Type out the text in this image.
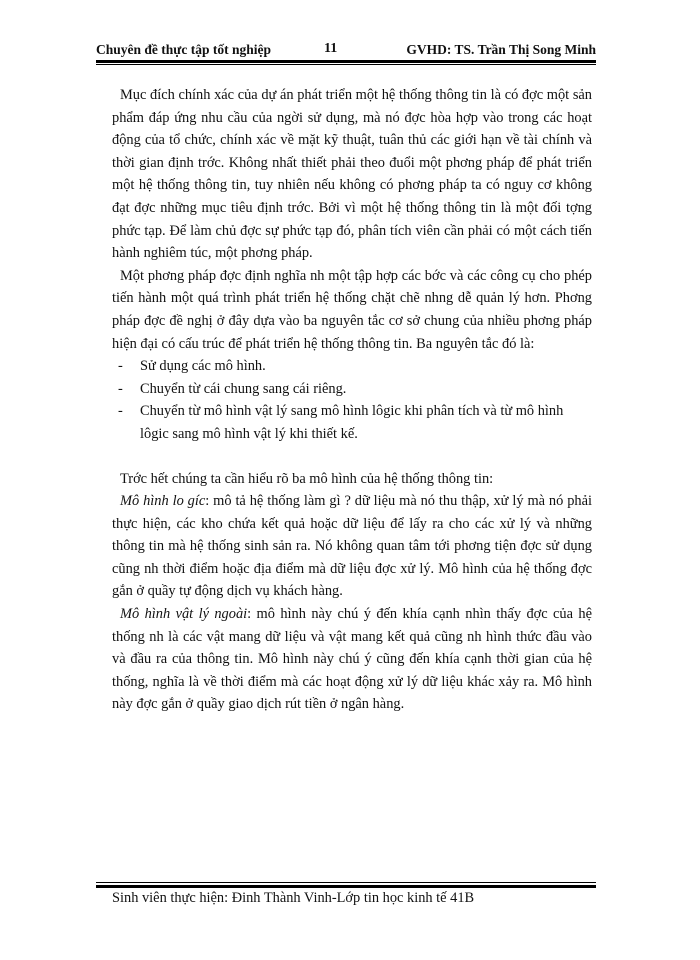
Chuyên đề thực tập tốt nghiệp	11	GVHD: TS. Trần Thị Song Minh

Mục đích chính xác của dự án phát triển một hệ thống thông tin là có đợc một sản phẩm đáp ứng nhu cầu của ngời sử dụng, mà nó đợc hòa hợp vào trong các hoạt động của tổ chức, chính xác về mặt kỹ thuật, tuân thủ các giới hạn về tài chính và thời gian định trớc. Không nhất thiết phải theo đuổi một phơng pháp để phát triển một hệ thống thông tin, tuy nhiên nếu không có phơng pháp ta có nguy cơ không đạt đợc những mục tiêu định trớc. Bởi vì một hệ thống thông tin là một đối tợng phức tạp. Để làm chủ đợc sự phức tạp đó, phân tích viên cần phải có một cách tiến hành nghiêm túc, một phơng pháp.

Một phơng pháp đợc định nghĩa nh một tập hợp các bớc và các công cụ cho phép tiến hành một quá trình phát triển hệ thống chặt chẽ nhng dễ quản lý hơn. Phơng pháp đợc đề nghị ở đây dựa vào ba nguyên tắc cơ sở chung của nhiều phơng pháp hiện đại có cấu trúc để phát triển hệ thống thông tin. Ba nguyên tắc đó là:

- Sử dụng các mô hình.
- Chuyển từ cái chung sang cái riêng.
- Chuyển từ mô hình vật lý sang mô hình lôgic khi phân tích và từ mô hình lôgic sang mô hình vật lý khi thiết kế.

Trớc hết chúng ta cần hiểu rõ ba mô hình của hệ thống thông tin:

Mô hình lo gíc: mô tả hệ thống làm gì ? dữ liệu mà nó thu thập, xử lý mà nó phải thực hiện, các kho chứa kết quả hoặc dữ liệu để lấy ra cho các xử lý và những thông tin mà hệ thống sinh sản ra. Nó không quan tâm tới phơng tiện đợc sử dụng cũng nh thời điểm hoặc địa điểm mà dữ liệu đợc xử lý. Mô hình của hệ thống đợc gắn ở quầy tự động dịch vụ khách hàng.

Mô hình vật lý ngoài: mô hình này chú ý đến khía cạnh nhìn thấy đợc của hệ thống nh là các vật mang dữ liệu và vật mang kết quả cũng nh hình thức đầu vào và đầu ra của thông tin. Mô hình này chú ý cũng đến khía cạnh thời gian của hệ thống, nghĩa là về thời điểm mà các hoạt động xử lý dữ liệu khác xảy ra. Mô hình này đợc gắn ở quầy giao dịch rút tiền ở ngân hàng.

Sinh viên thực hiện: Đinh Thành Vinh-Lớp tin học kinh tế 41B
